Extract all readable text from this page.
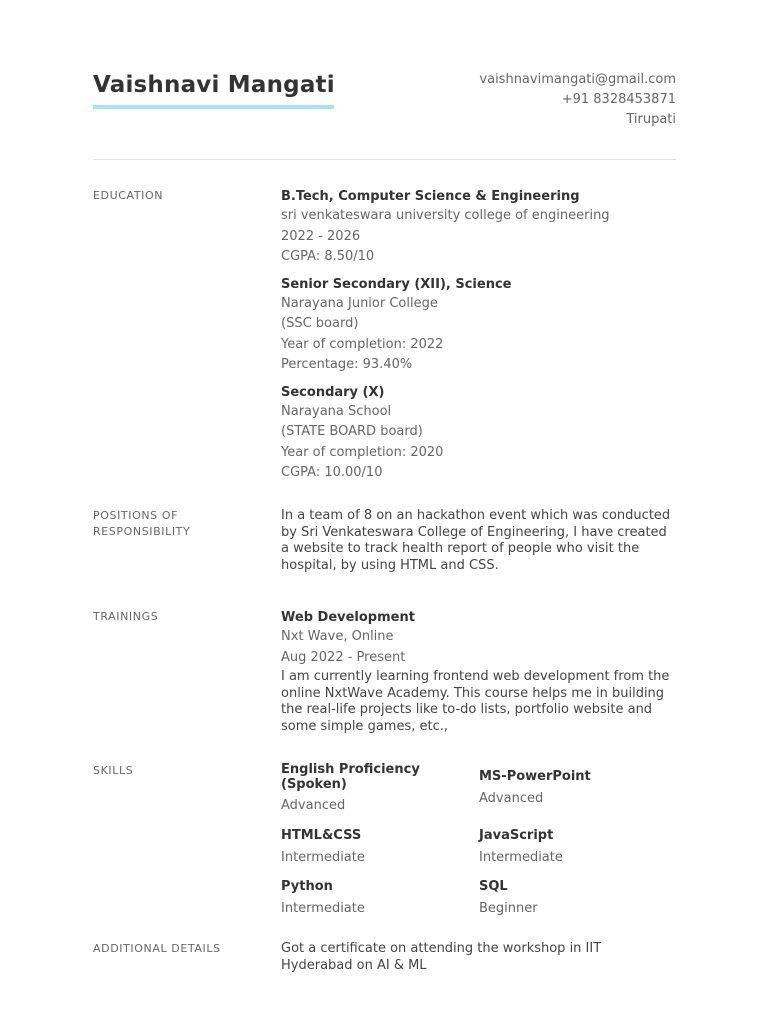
Vaishnavi Mangati	vaishnavimangati@gmail.com
+91 8328453871
Tirupati
EDUCATION	B.Tech, Computer Science & Engineering
sri venkateswara university college of engineering
2022 - 2026
CGPA: 8.50/10
Senior Secondary (XII), Science
Narayana Junior College
(SSC board)
Year of completion: 2022
Percentage: 93.40%
Secondary (X)
Narayana School
(STATE BOARD board)
Year of completion: 2020
CGPA: 10.00/10
POSITIONS OF
RESPONSIBILITY
In a team of 8 on an hackathon event which was conducted by Sri Venkateswara College of Engineering, I have created a website to track health report of people who visit the hospital, by using HTML and CSS.
TRAININGS	Web Development
Nxt Wave, Online
Aug 2022 - Present
I am currently learning frontend web development from the online NxtWave Academy. This course helps me in building the real-life projects like to-do lists, portfolio website and some simple games, etc.,
SKILLS	English Proficiency (Spoken)
Advanced
MS-PowerPoint
Advanced
HTML&CSS
Intermediate
JavaScript
Intermediate
Python
Intermediate
SQL
Beginner
ADDITIONAL DETAILS	Got a certificate on attending the workshop in IIT Hyderabad on AI & ML
